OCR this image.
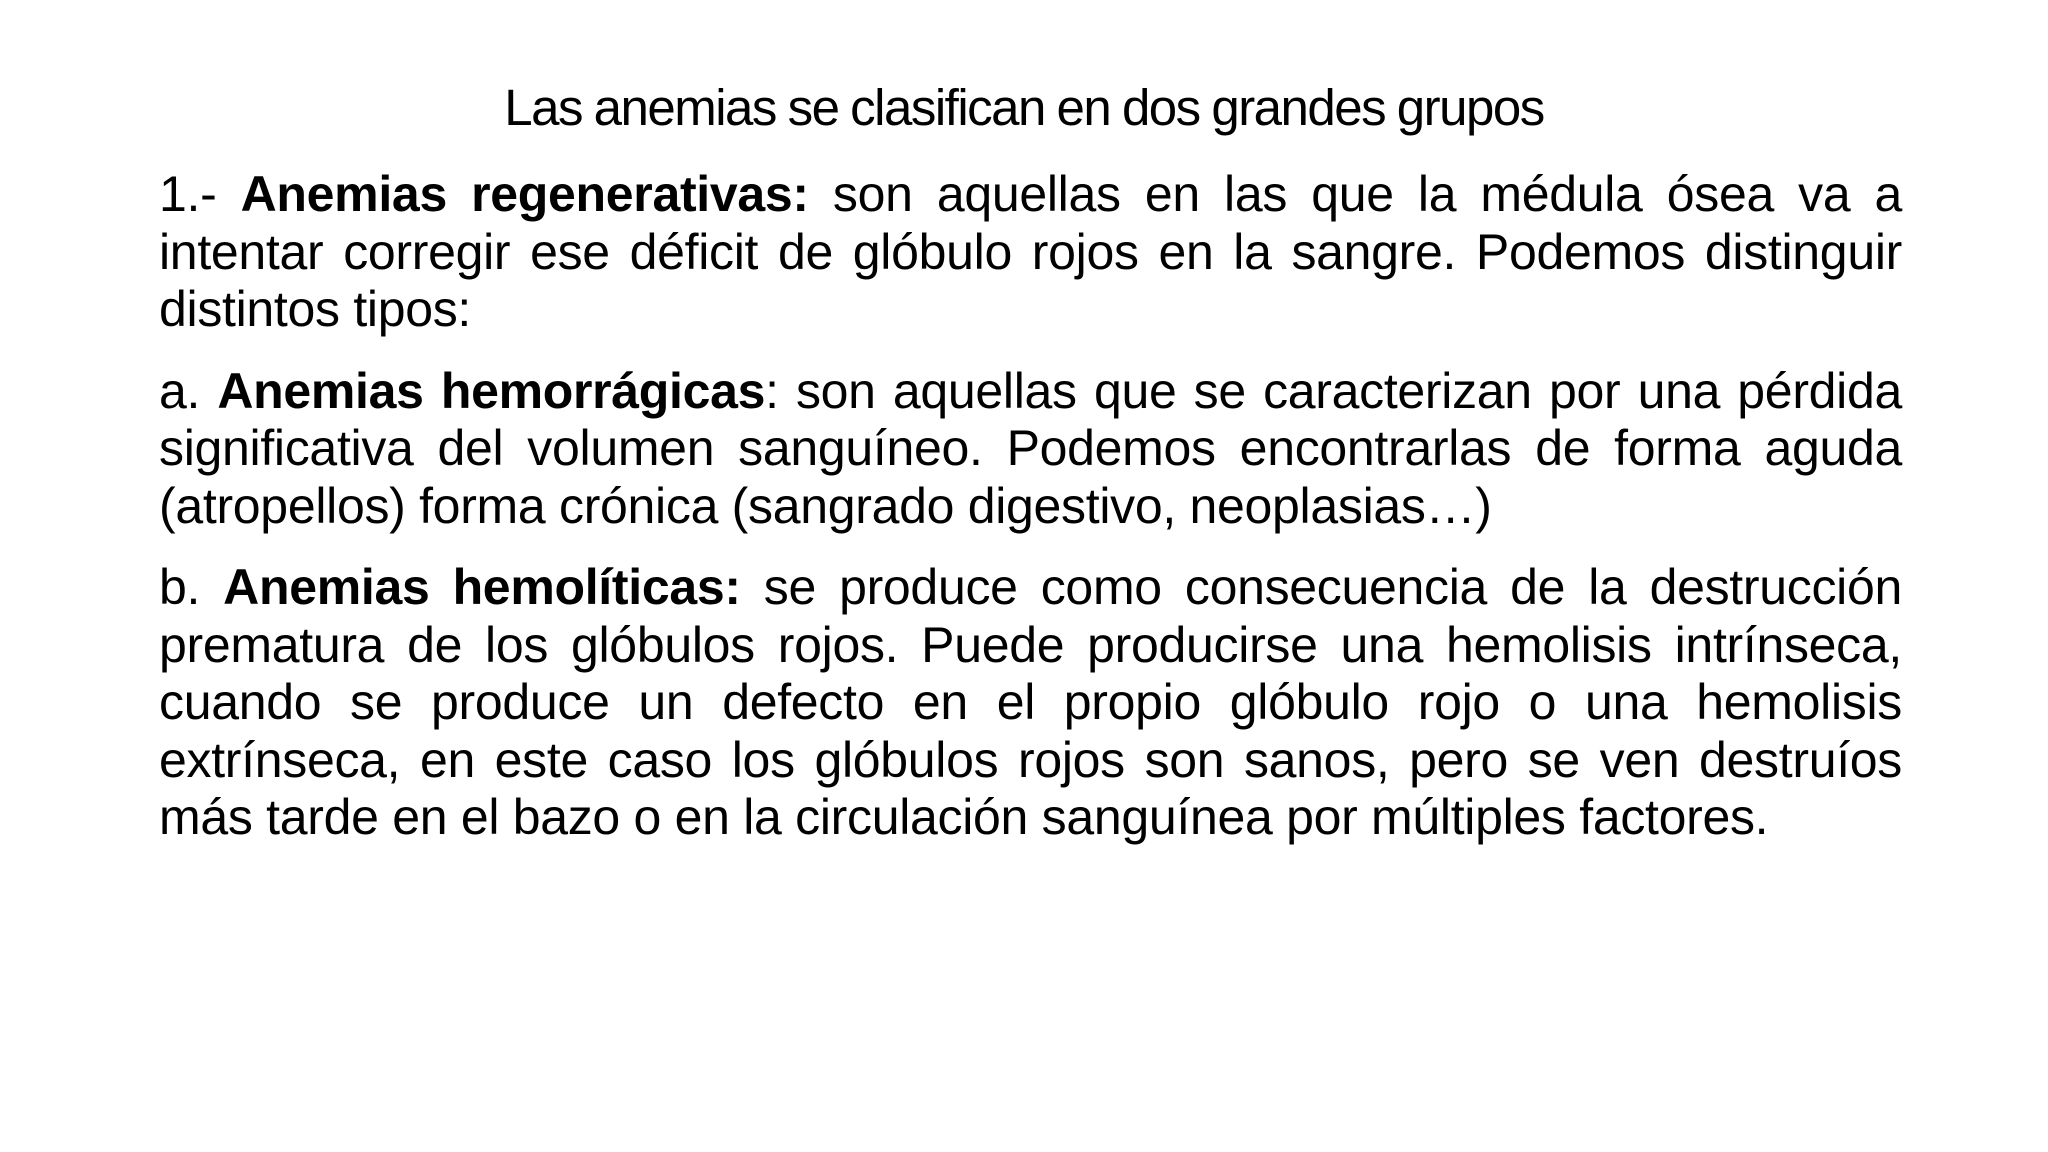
Las anemias se clasifican en dos grandes grupos

1.- Anemias regenerativas: son aquellas en las que la médula ósea va a intentar corregir ese déficit de glóbulo rojos en la sangre. Podemos distinguir distintos tipos:

a. Anemias hemorrágicas: son aquellas que se caracterizan por una pérdida significativa del volumen sanguíneo. Podemos encontrarlas de forma aguda (atropellos) forma crónica (sangrado digestivo, neoplasias…)

b. Anemias hemolíticas: se produce como consecuencia de la destrucción prematura de los glóbulos rojos. Puede producirse una hemolisis intrínseca, cuando se produce un defecto en el propio glóbulo rojo o una hemolisis extrínseca, en este caso los glóbulos rojos son sanos, pero se ven destruíos más tarde en el bazo o en la circulación sanguínea por múltiples factores.
